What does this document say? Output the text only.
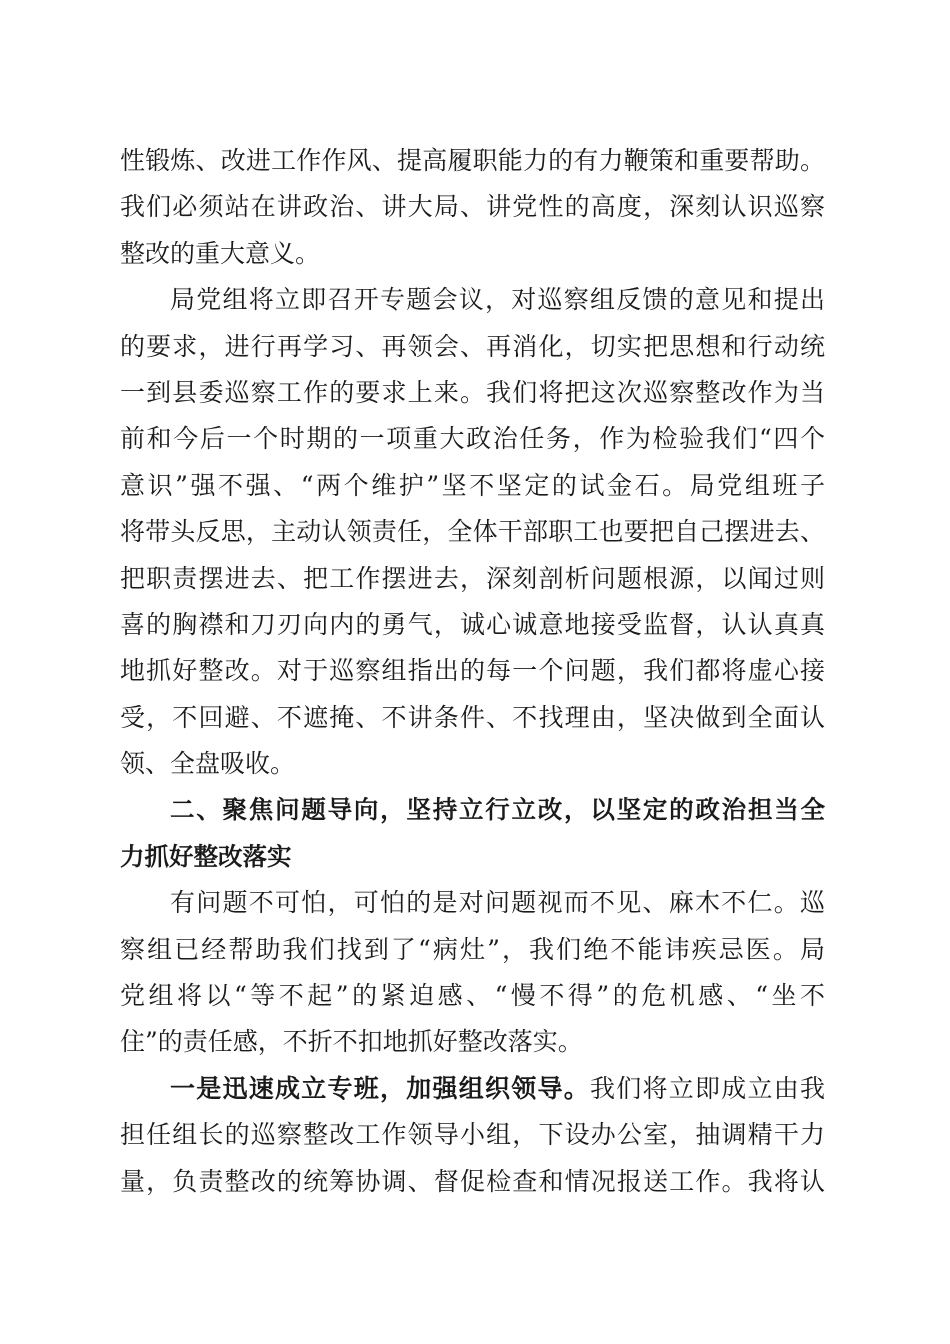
性锻炼、改进工作作风、提高履职能力的有力鞭策和重要帮助。
我们必须站在讲政治、讲大局、讲党性的高度，深刻认识巡察
整改的重大意义。
局党组将立即召开专题会议，对巡察组反馈的意见和提出
的要求，进行再学习、再领会、再消化，切实把思想和行动统
一到县委巡察工作的要求上来。我们将把这次巡察整改作为当
前和今后一个时期的一项重大政治任务，作为检验我们“四个
意识”强不强、“两个维护”坚不坚定的试金石。局党组班子
将带头反思，主动认领责任，全体干部职工也要把自己摆进去、
把职责摆进去、把工作摆进去，深刻剖析问题根源，以闻过则
喜的胸襟和刀刃向内的勇气，诚心诚意地接受监督，认认真真
地抓好整改。对于巡察组指出的每一个问题，我们都将虚心接
受，不回避、不遮掩、不讲条件、不找理由，坚决做到全面认
领、全盘吸收。
二、聚焦问题导向，坚持立行立改，以坚定的政治担当全
力抓好整改落实
有问题不可怕，可怕的是对问题视而不见、麻木不仁。巡
察组已经帮助我们找到了“病灶”，我们绝不能讳疾忌医。局
党组将以“等不起”的紧迫感、“慢不得”的危机感、“坐不
住”的责任感，不折不扣地抓好整改落实。
一是迅速成立专班，加强组织领导。我们将立即成立由我
担任组长的巡察整改工作领导小组，下设办公室，抽调精干力
量，负责整改的统筹协调、督促检查和情况报送工作。我将认
